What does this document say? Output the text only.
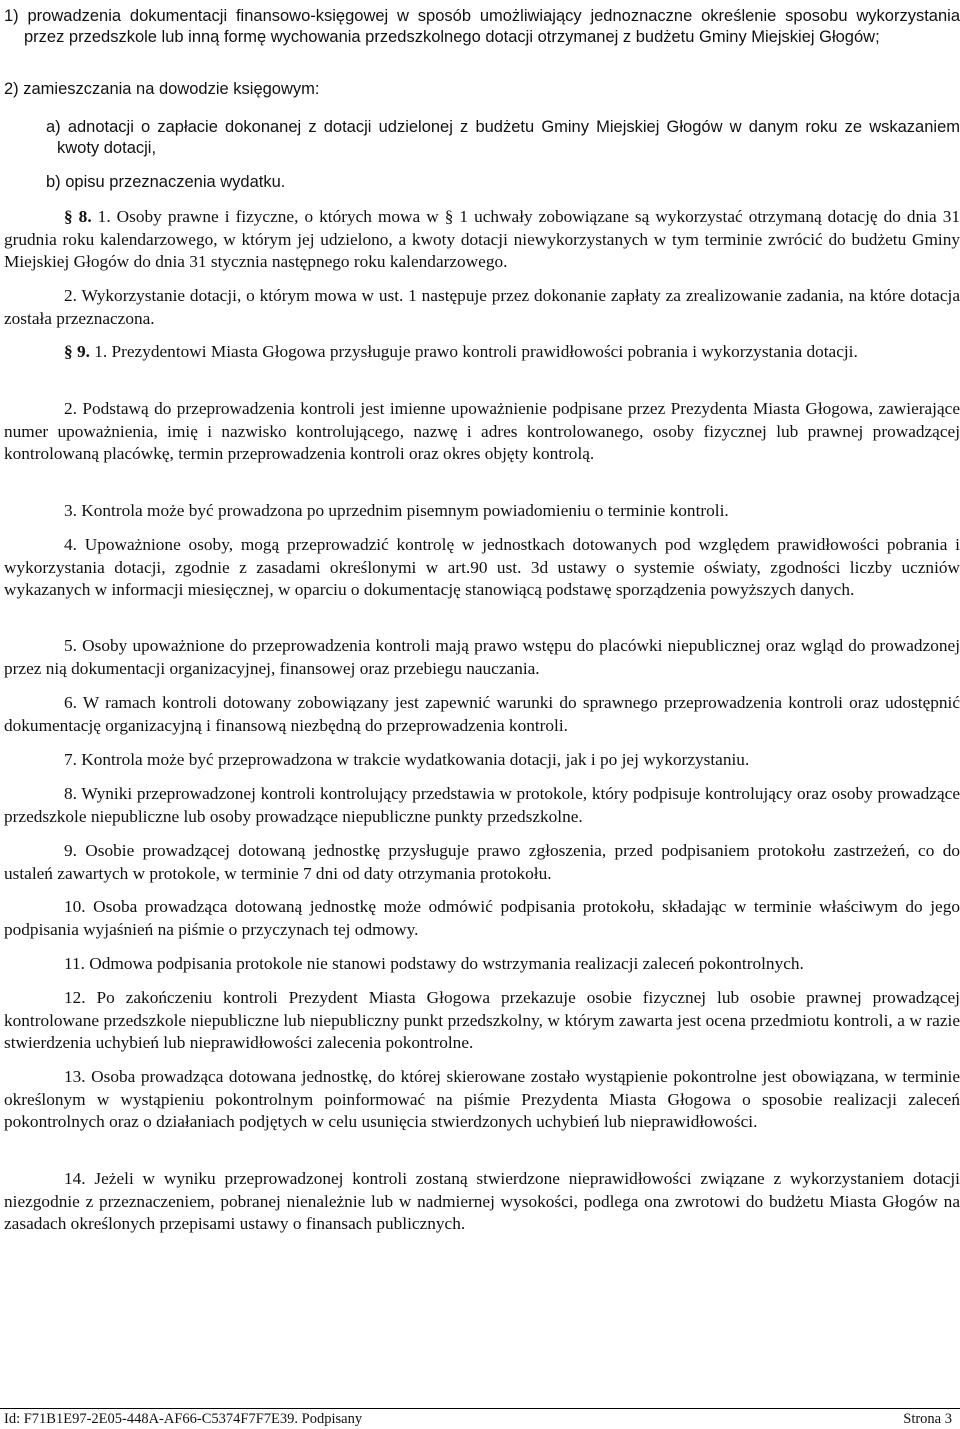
1) prowadzenia dokumentacji finansowo-księgowej w sposób umożliwiający jednoznaczne określenie sposobu wykorzystania przez przedszkole lub inną formę wychowania przedszkolnego dotacji otrzymanej z budżetu Gminy Miejskiej Głogów;

2) zamieszczania na dowodzie księgowym:

a) adnotacji o zapłacie dokonanej z dotacji udzielonej z budżetu Gminy Miejskiej Głogów w danym roku ze wskazaniem kwoty dotacji,

b) opisu przeznaczenia wydatku.

§ 8. 1. Osoby prawne i fizyczne, o których mowa w § 1 uchwały zobowiązane są wykorzystać otrzymaną dotację do dnia 31 grudnia roku kalendarzowego, w którym jej udzielono, a kwoty dotacji niewykorzystanych w tym terminie zwrócić do budżetu Gminy Miejskiej Głogów do dnia 31 stycznia następnego roku kalendarzowego.

2. Wykorzystanie dotacji, o którym mowa w ust. 1 następuje przez dokonanie zapłaty za zrealizowanie zadania, na które dotacja została przeznaczona.

§ 9. 1. Prezydentowi Miasta Głogowa przysługuje prawo kontroli prawidłowości pobrania i wykorzystania dotacji.

2. Podstawą do przeprowadzenia kontroli jest imienne upoważnienie podpisane przez Prezydenta Miasta Głogowa, zawierające numer upoważnienia, imię i nazwisko kontrolującego, nazwę i adres kontrolowanego, osoby fizycznej lub prawnej prowadzącej kontrolowaną placówkę, termin przeprowadzenia kontroli oraz okres objęty kontrolą.

3. Kontrola może być prowadzona po uprzednim pisemnym powiadomieniu o terminie kontroli.

4. Upoważnione osoby, mogą przeprowadzić kontrolę w jednostkach dotowanych pod względem prawidłowości pobrania i wykorzystania dotacji, zgodnie z zasadami określonymi w art.90 ust. 3d ustawy o systemie oświaty, zgodności liczby uczniów wykazanych w informacji miesięcznej, w oparciu o dokumentację stanowiącą podstawę sporządzenia powyższych danych.

5. Osoby upoważnione do przeprowadzenia kontroli mają prawo wstępu do placówki niepublicznej oraz wgląd do prowadzonej przez nią dokumentacji organizacyjnej, finansowej oraz przebiegu nauczania.

6. W ramach kontroli dotowany zobowiązany jest zapewnić warunki do sprawnego przeprowadzenia kontroli oraz udostępnić dokumentację organizacyjną i finansową niezbędną do przeprowadzenia kontroli.

7. Kontrola może być przeprowadzona w trakcie wydatkowania dotacji, jak i po jej wykorzystaniu.

8. Wyniki przeprowadzonej kontroli kontrolujący przedstawia w protokole, który podpisuje kontrolujący oraz osoby prowadzące przedszkole niepubliczne lub osoby prowadzące niepubliczne punkty przedszkolne.

9. Osobie prowadzącej dotowaną jednostkę przysługuje prawo zgłoszenia, przed podpisaniem protokołu zastrzeżeń, co do ustaleń zawartych w protokole, w terminie 7 dni od daty otrzymania protokołu.

10. Osoba prowadząca dotowaną jednostkę może odmówić podpisania protokołu, składając w terminie właściwym do jego podpisania wyjaśnień na piśmie o przyczynach tej odmowy.

11. Odmowa podpisania protokole nie stanowi podstawy do wstrzymania realizacji zaleceń pokontrolnych.

12. Po zakończeniu kontroli Prezydent Miasta Głogowa przekazuje osobie fizycznej lub osobie prawnej prowadzącej kontrolowane przedszkole niepubliczne lub niepubliczny punkt przedszkolny, w którym zawarta jest ocena przedmiotu kontroli, a w razie stwierdzenia uchybień lub nieprawidłowości zalecenia pokontrolne.

13. Osoba prowadząca dotowana jednostkę, do której skierowane zostało wystąpienie pokontrolne jest obowiązana, w terminie określonym w wystąpieniu pokontrolnym poinformować na piśmie Prezydenta Miasta Głogowa o sposobie realizacji zaleceń pokontrolnych oraz o działaniach podjętych w celu usunięcia stwierdzonych uchybień lub nieprawidłowości.

14. Jeżeli w wyniku przeprowadzonej kontroli zostaną stwierdzone nieprawidłowości związane z wykorzystaniem dotacji niezgodnie z przeznaczeniem, pobranej nienależnie lub w nadmiernej wysokości, podlega ona zwrotowi do budżetu Miasta Głogów na zasadach określonych przepisami ustawy o finansach publicznych.

Id: F71B1E97-2E05-448A-AF66-C5374F7F7E39. Podpisany	Strona 3
